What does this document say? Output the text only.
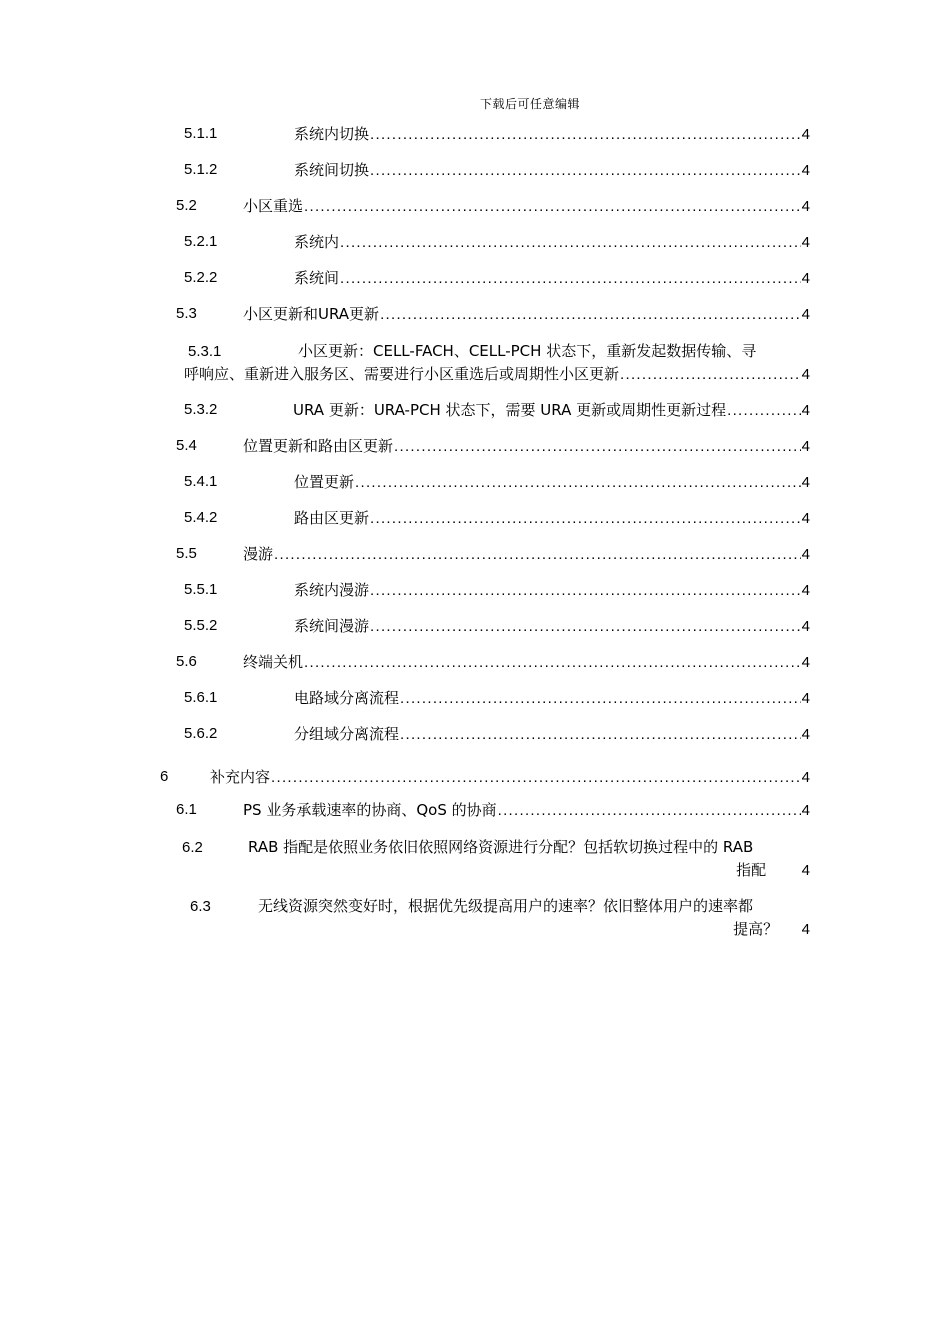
下载后可任意编辑
5.1.1	系统内切换 .....	4
5.1.2	系统间切换 .....	4
5.2	小区重选 .....	4
5.2.1	系统内 .....	4
5.2.2	系统间 .....	4
5.3	小区更新和URA更新 .....	4
5.3.1	小区更新：CELL-FACH、CELL-PCH 状态下，重新发起数据传输、寻
呼响应、重新进入服务区、需要进行小区重选后或周期性小区更新 .....	4
5.3.2	URA 更新：URA-PCH 状态下，需要 URA 更新或周期性更新过程 .....	4
5.4	位置更新和路由区更新 .....	4
5.4.1	位置更新 .....	4
5.4.2	路由区更新 .....	4
5.5	漫游 .....	4
5.5.1	系统内漫游 .....	4
5.5.2	系统间漫游 .....	4
5.6	终端关机 .....	4
5.6.1	电路域分离流程 .....	4
5.6.2	分组域分离流程 .....	4
6	补充内容 .....	4
6.1	PS 业务承载速率的协商、QoS 的协商 .....	4
6.2	RAB 指配是依照业务依旧依照网络资源进行分配？包括软切换过程中的 RAB
指配 4
6.3	无线资源突然变好时，根据优先级提高用户的速率？依旧整体用户的速率都
提高？ 4
